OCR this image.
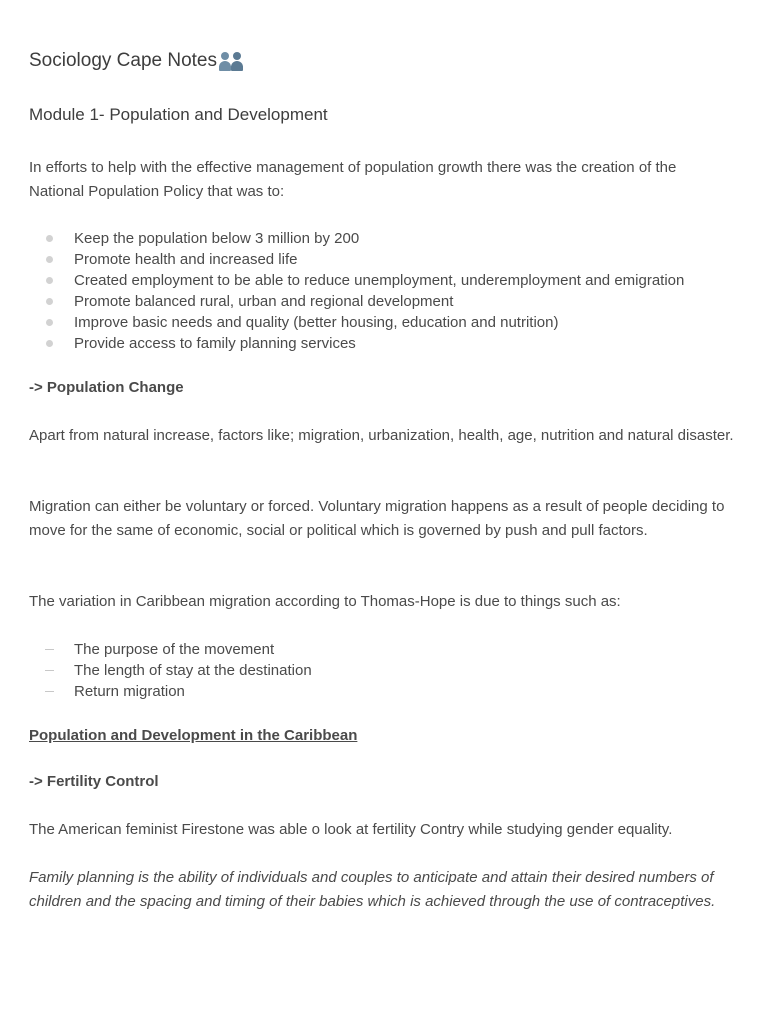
Sociology Cape Notes
Module 1- Population and Development

In efforts to help with the effective management of population growth there was the creation of the National Population Policy that was to:

Keep the population below 3 million by 200
Promote health and increased life
Created employment to be able to reduce unemployment, underemployment and emigration
Promote balanced rural, urban and regional development
Improve basic needs and quality (better housing, education and nutrition)
Provide access to family planning services
-> Population Change

Apart from natural increase, factors like; migration, urbanization, health, age, nutrition and natural disaster.

Migration can either be voluntary or forced. Voluntary migration happens as a result of people deciding to move for the same of economic, social or political which is governed by push and pull factors.

The variation in Caribbean migration according to Thomas-Hope is due to things such as:

The purpose of the movement
The length of stay at the destination
Return migration
Population and Development in the Caribbean
-> Fertility Control

The American feminist Firestone was able o look at fertility Contry while studying gender equality.

Family planning is the ability of individuals and couples to anticipate and attain their desired numbers of children and the spacing and timing of their babies which is achieved through the use of contraceptives.
